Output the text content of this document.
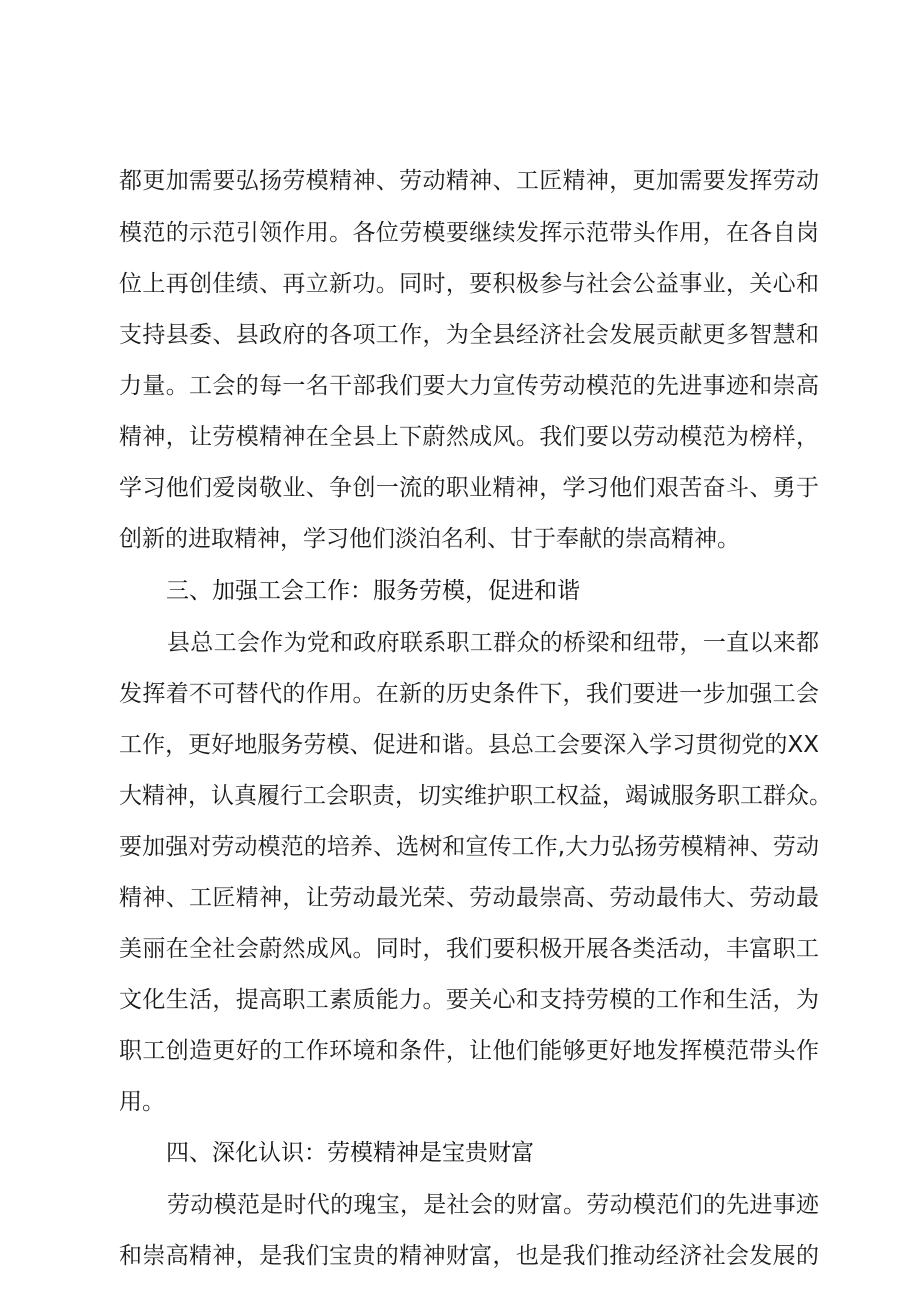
都更加需要弘扬劳模精神、劳动精神、工匠精神，更加需要发挥劳动
模范的示范引领作用。各位劳模要继续发挥示范带头作用，在各自岗
位上再创佳绩、再立新功。同时，要积极参与社会公益事业，关心和
支持县委、县政府的各项工作，为全县经济社会发展贡献更多智慧和
力量。工会的每一名干部我们要大力宣传劳动模范的先进事迹和崇高
精神，让劳模精神在全县上下蔚然成风。我们要以劳动模范为榜样，
学习他们爱岗敬业、争创一流的职业精神，学习他们艰苦奋斗、勇于
创新的进取精神，学习他们淡泊名利、甘于奉献的崇高精神。
三、加强工会工作：服务劳模，促进和谐
县总工会作为党和政府联系职工群众的桥梁和纽带，一直以来都
发挥着不可替代的作用。在新的历史条件下，我们要进一步加强工会
工作，更好地服务劳模、促进和谐。县总工会要深入学习贯彻党的XX
大精神，认真履行工会职责，切实维护职工权益，竭诚服务职工群众。
要加强对劳动模范的培养、选树和宣传工作,大力弘扬劳模精神、劳动
精神、工匠精神，让劳动最光荣、劳动最崇高、劳动最伟大、劳动最
美丽在全社会蔚然成风。同时，我们要积极开展各类活动，丰富职工
文化生活，提高职工素质能力。要关心和支持劳模的工作和生活，为
职工创造更好的工作环境和条件，让他们能够更好地发挥模范带头作
用。
四、深化认识：劳模精神是宝贵财富
劳动模范是时代的瑰宝，是社会的财富。劳动模范们的先进事迹
和崇高精神，是我们宝贵的精神财富，也是我们推动经济社会发展的
